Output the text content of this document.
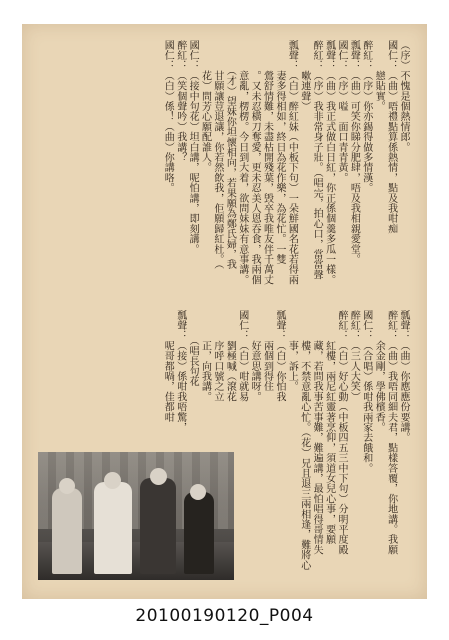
（序）不愧是個熱情郎。
國仁：（曲）唔禮點算係熱情，點及我咁痴
　　　戀貼實。
醉紅：（序）你亦錫得做多情漢。
瓢聲：（曲）可笑你睇分肥肆，唔及我相親愛堂。
國仁：（序）嗌　面口青青黃。
瓢聲：（曲）我正式做白日紅，你正係個羹多瓜一樣。
醉紅：（序）我非常身子壯。（唱完，拍心口，當當聲
　　　嗽連聲）
瓢聲：（白）醉紅妹（中板下句）一朵鮮國名花若得兩
　　　妻多得相如，終日為花作樂，為花忙。一雙
　　　鶯舒情難，未盡枯開殘葉，毁卒我唯友伴千萬丈
　　　。又未忍橫刀奪愛，更未忍美人恩吞食，我兩個
　　　意亂，楞楞。今日到大着，欲問妹妹有意事講。
　　　（才）望妹你坦懷相向，若果願為鄭氏婦，我
　　　甘願讓荳退讓，你若然飲我，佢願歸紅杜。（
　　　花）問芳心願配誰人。
國仁：（接中句花）坦白講，呢怕講，即刻講。
醉紅：（笑個聲吟）我講？
國仁：（白）係！（曲）你講咯。
瓢聲：（曲）你應應份要講。
醉紅：（曲）我唔同細夫君，點樣答覆，你地講。我願
　　　余金剛，學佛檳香。
國仁：（合唱）係咁我兩家去餓和。
醉紅：（三人大笑）
醉紅：（白）好心動（中板四五三中下句）分明平度殿
　　　紅樓，兩尼紅靈著烹仰，須道女兒心事，要願
　　　藏，若問我事苦事難，難遍講，最怕唱得哥情失
　　　樓，不禁意亂心忙。（花）兄且退三兩相逢，難將心
　　　事，訴上。
瓢聲：（白）你怕我
　　　兩個到得住
　　　好意思講呀。
國仁：（白）咁就易
　　　劉極喊（滾花
　　　序呼口號之立
　　　正，向我講。
　　　（唱長句花
瓢聲：（接）係咁我唔驚，
　　　呢哥都喎，佳都咁
20100190120_P004
